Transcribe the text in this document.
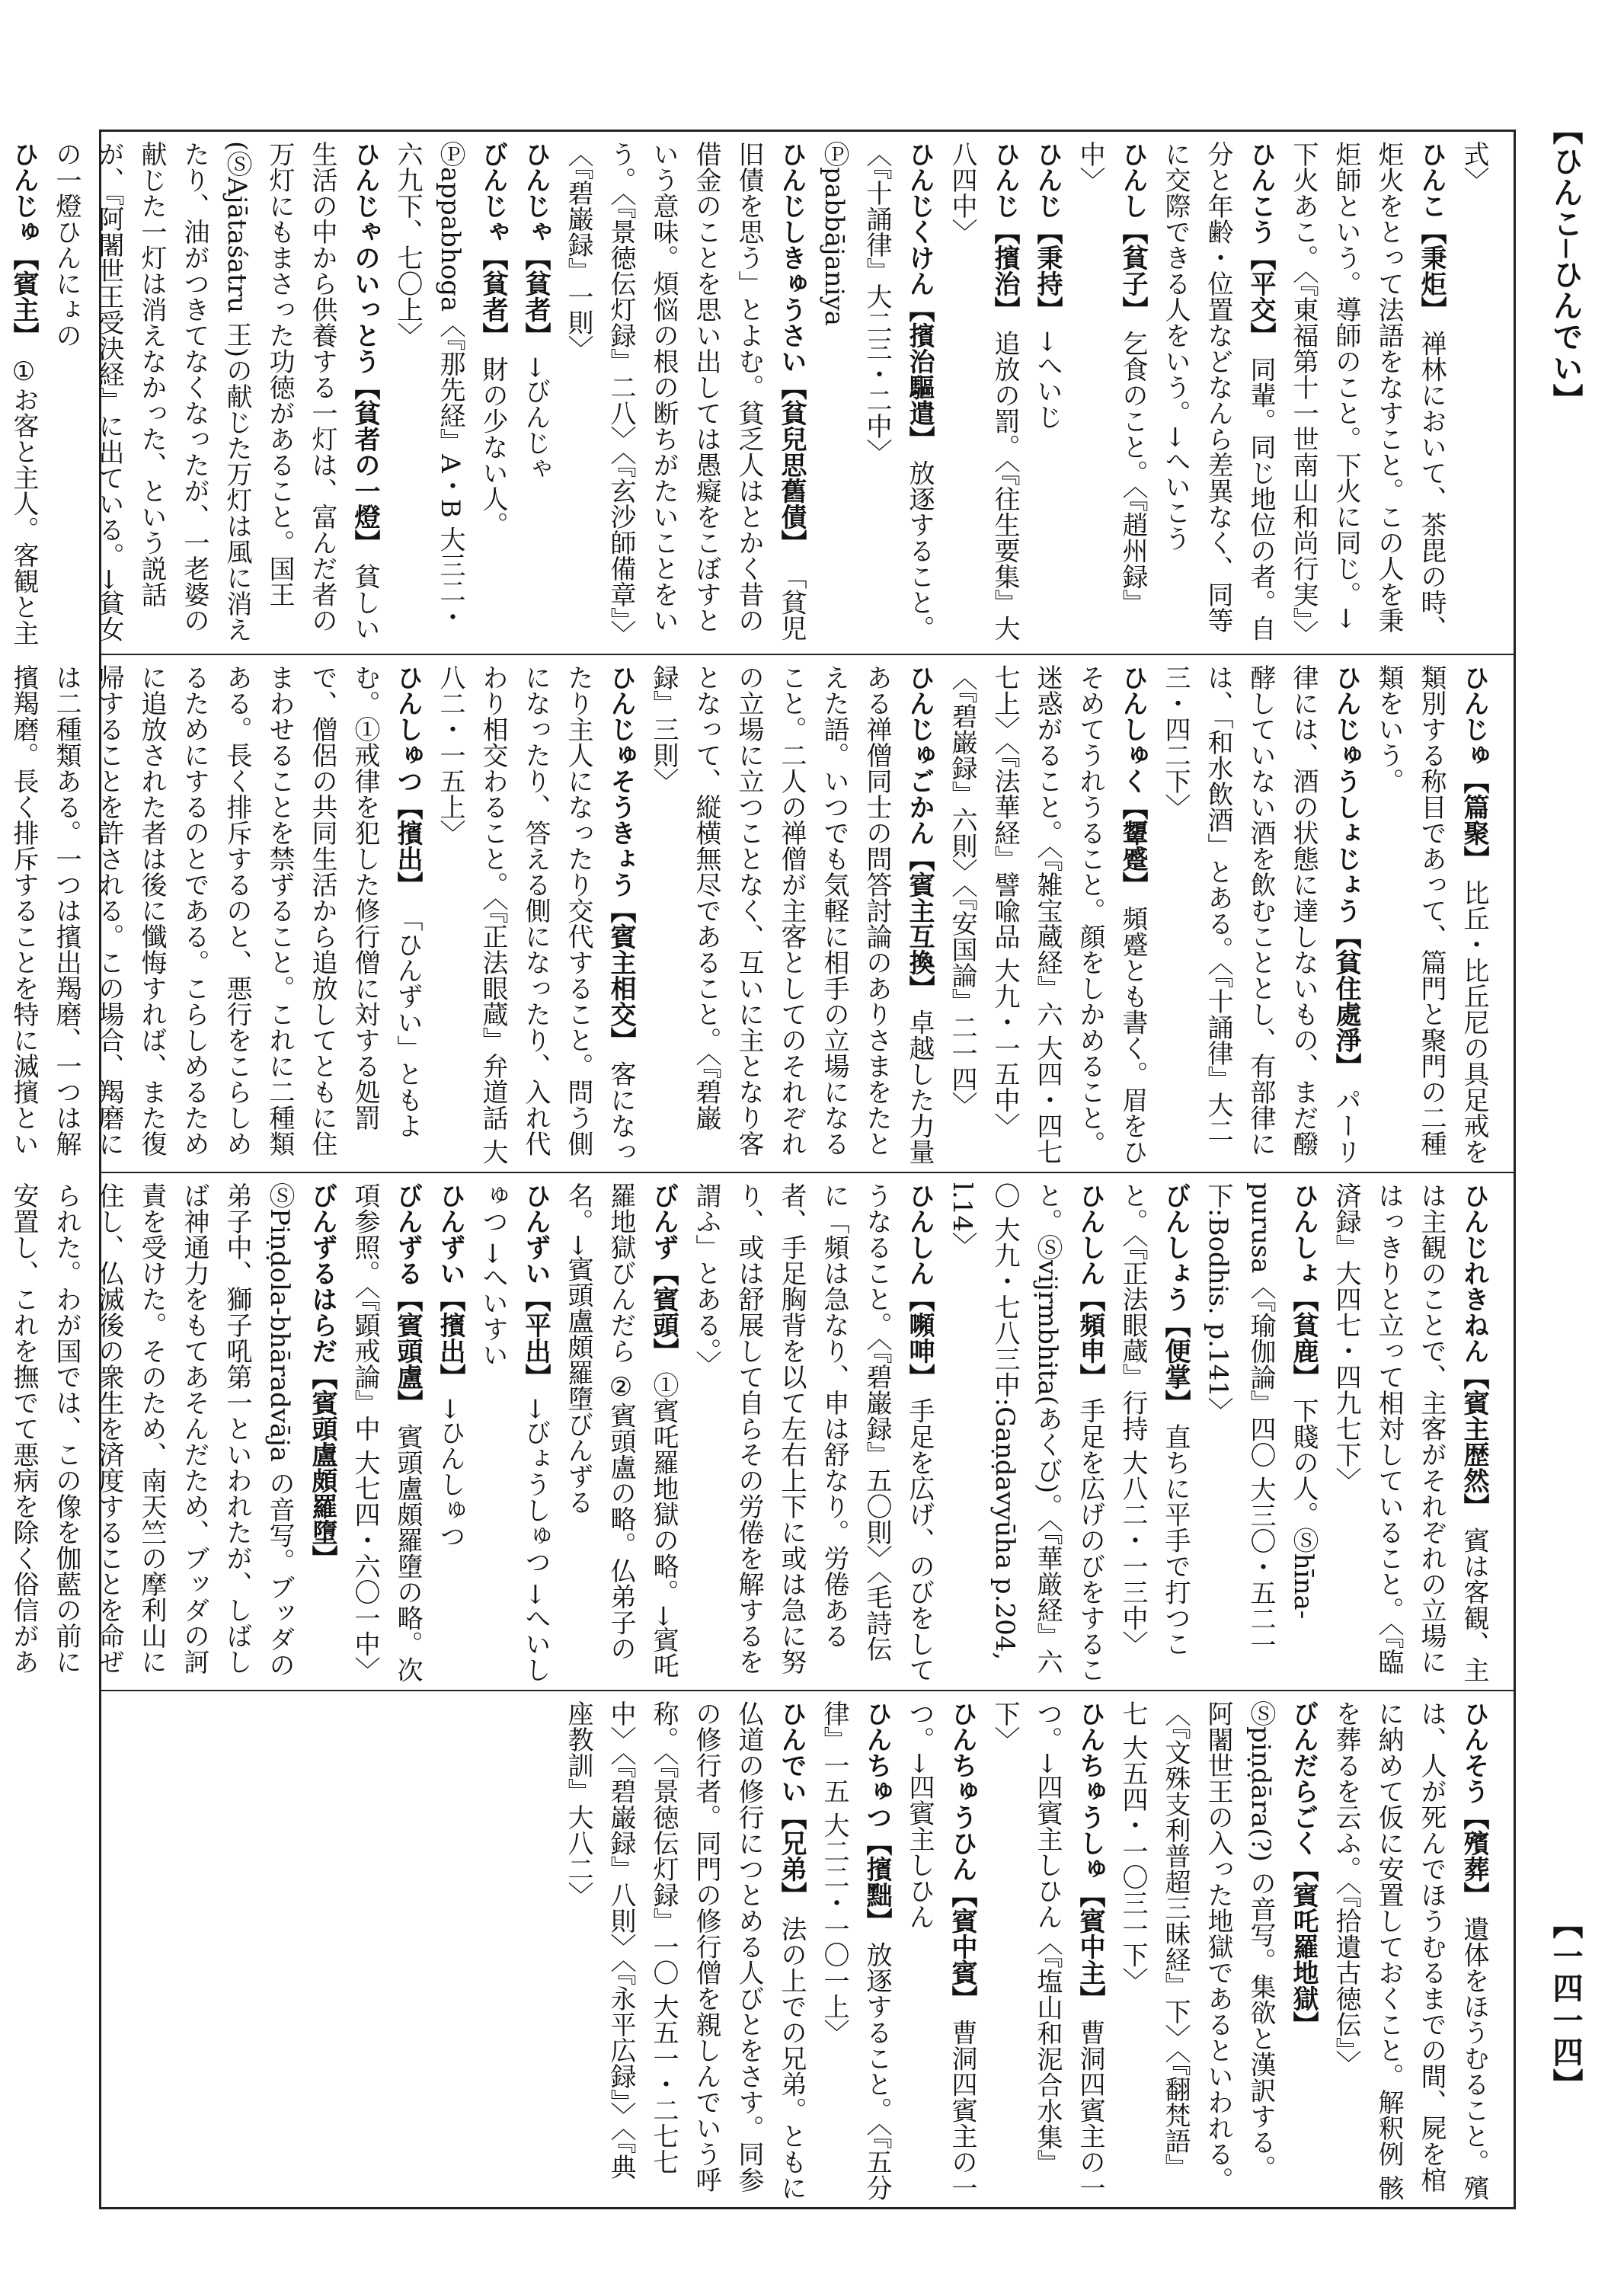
【ひんこ─ひんでい】
【一四一四】

式〉

ひんこ【秉炬】 禅林において、茶毘の時、炬火をとって法語をなすこと。この人を秉炬師という。導師のこと。下火に同じ。→下火あこ。〈『東福第十一世南山和尚行実』〉

ひんこう【平交】 同輩。同じ地位の者。自分と年齢・位置などなんら差異なく、同等に交際できる人をいう。→へいこう

ひんし【貧子】 乞食のこと。〈『趙州録』中〉

ひんじ【秉持】 →へいじ

ひんじ【擯治】 追放の罰。〈『往生要集』大八四中〉

ひんじくけん【擯治驅遣】 放逐すること。〈『十誦律』大二三・二中〉Ⓟpabbājaniya

ひんじしきゅうさい【貧兒思舊債】 「貧児旧債を思う」とよむ。貧乏人はとかく昔の借金のことを思い出しては愚癡をこぼすという意味。煩悩の根の断ちがたいことをいう。〈『景徳伝灯録』二八〉〈『玄沙師備章』〉〈『碧巌録』一則〉

ひんじゃ【貧者】 →びんじゃ

びんじゃ【貧者】 財の少ない人。Ⓟappabhoga〈『那先経』A・B 大三二・六九下、七〇上〉

ひんじゃのいっとう【貧者の一燈】 貧しい生活の中から供養する一灯は、富んだ者の万灯にもまさった功徳があること。国王(ⓈAjātaśatru 王)の献じた万灯は風に消えたり、油がつきてなくなったが、一老婆の献じた一灯は消えなかった、という説話が、『阿闍世王受決経』に出ている。→貧女の一燈ひんにょの

ひんじゅ【賓主】 ①お客と主人。客観と主

ひんじゅ【篇聚】 比丘・比丘尼の具足戒を類別する称目であって、篇門と聚門の二種類をいう。

ひんじゅうしょじょう【貧住處淨】 パーリ律には、酒の状態に達しないもの、まだ醱酵していない酒を飲むこととし、有部律には、「和水飲酒」とある。〈『十誦律』大二三・四二下〉

ひんしゅく【顰蹙】 頻蹙とも書く。眉をひそめてうれうること。顔をしかめること。迷惑がること。〈『雑宝蔵経』六 大四・四七七上〉〈『法華経』譬喩品 大九・一五中〉〈『碧巌録』六則〉〈『安国論』二一四〉

ひんじゅごかん【賓主互換】 卓越した力量ある禅僧同士の問答討論のありさまをたとえた語。いつでも気軽に相手の立場になること。二人の禅僧が主客としてのそれぞれの立場に立つことなく、互いに主となり客となって、縦横無尽であること。〈『碧巌録』三則〉

ひんじゅそうきょう【賓主相交】 客になったり主人になったり交代すること。問う側になったり、答える側になったり、入れ代わり相交わること。〈『正法眼蔵』弁道話 大八二・一五上〉

ひんしゅつ【擯出】 「ひんずい」ともよむ。①戒律を犯した修行僧に対する処罰で、僧侶の共同生活から追放してともに住まわせることを禁ずること。これに二種類ある。長く排斥するのと、悪行をこらしめるためにするのとである。こらしめるために追放された者は後に懺悔すれば、また復帰することを許される。この場合、羯磨には二種類ある。一つは擯出羯磨、一つは解擯羯磨。長く排斥することを特に滅擯とい

ひんじれきねん【賓主歴然】 賓は客観、主は主観のことで、主客がそれぞれの立場にはっきりと立って相対していること。〈『臨済録』大四七・四九七下〉

ひんしょ【貧鹿】 下賤の人。Ⓢhīna-purusa〈『瑜伽論』四〇 大三〇・五二一下:Bodhis. p.141〉

びんしょう【便掌】 直ちに平手で打つこと。〈『正法眼蔵』行持 大八二・一三中〉

ひんしん【頻申】 手足を広げのびをすること。Ⓢvijṛmbhita(あくび)。〈『華厳経』六〇 大九・七八三中:Gaṇḍavyūha p.204, l.14〉

ひんしん【嚬呻】 手足を広げ、のびをしてうなること。〈『碧巌録』五〇則〉〈毛詩伝に「頻は急なり、申は舒なり。労倦ある者、手足胸背を以て左右上下に或は急に努り、或は舒展して自らその労倦を解するを謂ふ」とある。〉

びんず【賓頭】 ①賓吒羅地獄の略。→賓吒羅地獄びんだら ②賓頭盧の略。仏弟子の名。→賓頭盧頗羅墮びんずる

ひんずい【平出】 →びょうしゅつ →へいしゅつ →へいすい

ひんずい【擯出】 →ひんしゅつ

びんずる【賓頭盧】 賓頭盧頗羅墮の略。次項参照。〈『顕戒論』中 大七四・六〇一中〉

びんずるはらだ【賓頭盧頗羅墮】 ⓈPiṇḍola-bhāradvāja の音写。ブッダの弟子中、獅子吼第一といわれたが、しばしば神通力をもてあそんだため、ブッダの訶責を受けた。そのため、南天竺の摩利山に住し、仏滅後の衆生を済度することを命ぜられた。わが国では、この像を伽藍の前に安置し、これを撫でて悪病を除く俗信があ

ひんそう【殯葬】 遺体をほうむること。殯は、人が死んでほうむるまでの間、屍を棺に納めて仮に安置しておくこと。解釈例 骸を葬るを云ふ。〈『拾遺古徳伝』〉

びんだらごく【賓吒羅地獄】 Ⓢpiṇḍāra(?) の音写。集欲と漢訳する。阿闍世王の入った地獄であるといわれる。〈『文殊支利普超三昧経』下〉〈『翻梵語』七 大五四・一〇三一下〉

ひんちゅうしゅ【賓中主】 曹洞四賓主の一つ。→四賓主しひん〈『塩山和泥合水集』下〉

ひんちゅうひん【賓中賓】 曹洞四賓主の一つ。→四賓主しひん

ひんちゅつ【擯黜】 放逐すること。〈『五分律』一五 大二二・一〇一上〉

ひんでい【兄弟】 法の上での兄弟。ともに仏道の修行につとめる人びとをさす。同参の修行者。同門の修行僧を親しんでいう呼称。〈『景徳伝灯録』一〇 大五一・二七七中〉〈『碧巌録』八則〉〈『永平広録』〉〈『典座教訓』大八二〉
